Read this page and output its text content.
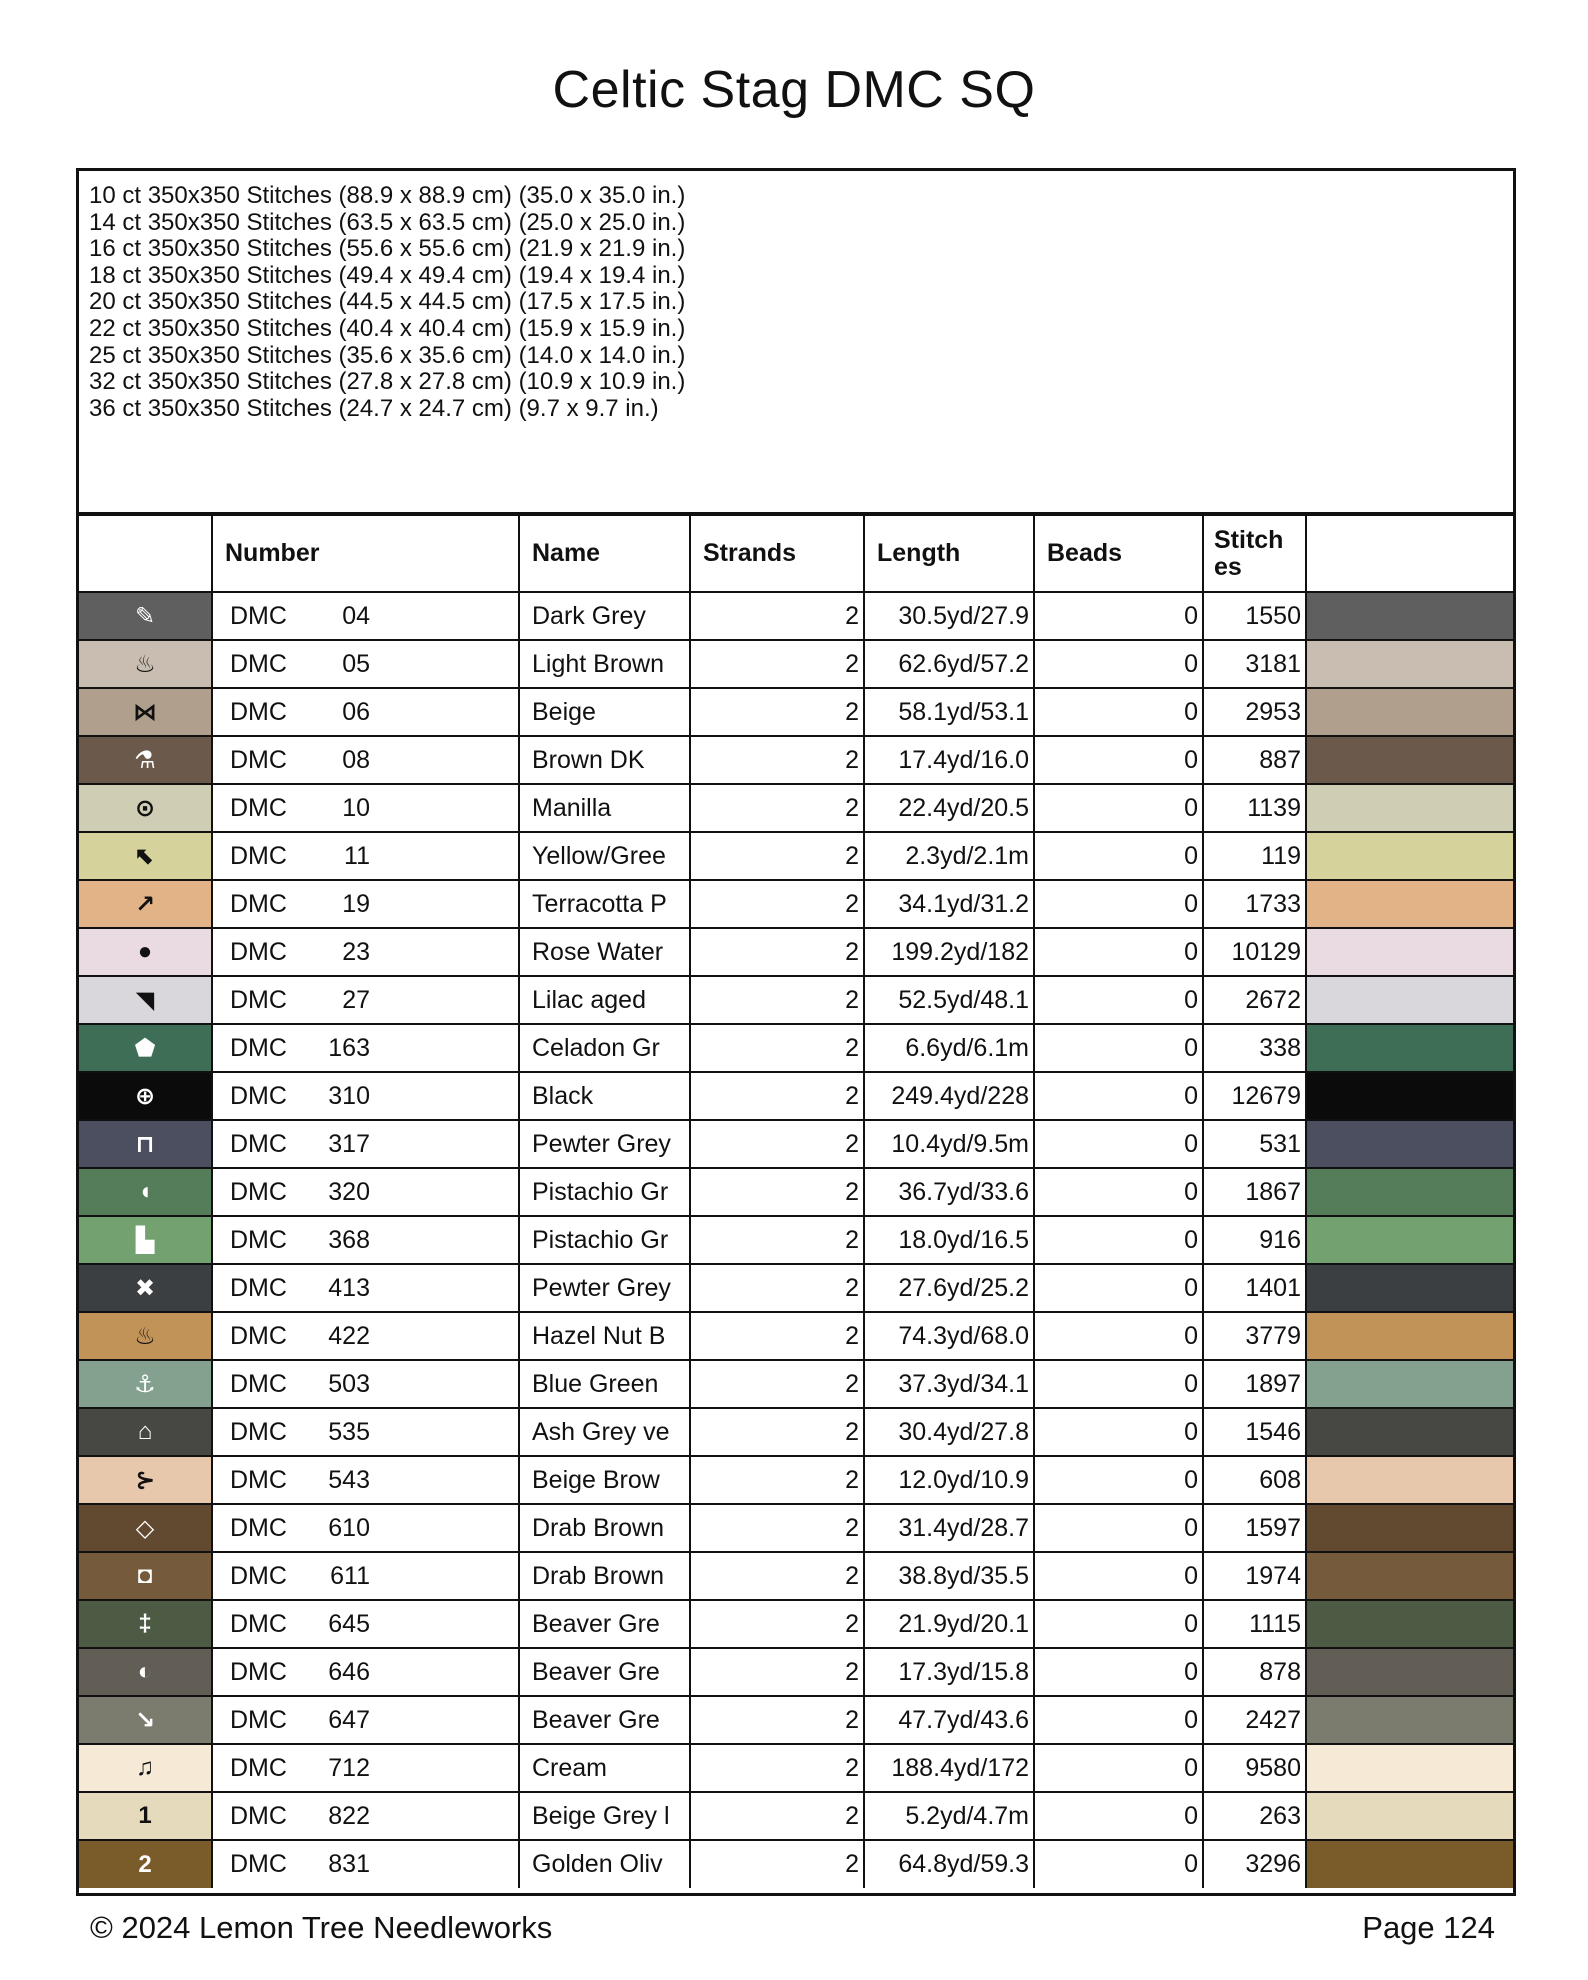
Celtic Stag DMC SQ
10 ct 350x350 Stitches (88.9 x 88.9 cm) (35.0 x 35.0 in.)
14 ct 350x350 Stitches (63.5 x 63.5 cm) (25.0 x 25.0 in.)
16 ct 350x350 Stitches (55.6 x 55.6 cm) (21.9 x 21.9 in.)
18 ct 350x350 Stitches (49.4 x 49.4 cm) (19.4 x 19.4 in.)
20 ct 350x350 Stitches (44.5 x 44.5 cm) (17.5 x 17.5 in.)
22 ct 350x350 Stitches (40.4 x 40.4 cm) (15.9 x 15.9 in.)
25 ct 350x350 Stitches (35.6 x 35.6 cm) (14.0 x 14.0 in.)
32 ct 350x350 Stitches (27.8 x 27.8 cm) (10.9 x 10.9 in.)
36 ct 350x350 Stitches (24.7 x 24.7 cm) (9.7 x 9.7 in.)
	Number	Name	Strands	Length	Beads	Stitch es	
✎	DMC 04	Dark Grey	2	30.5yd/27.9	0	1550	
♨	DMC 05	Light Brown	2	62.6yd/57.2	0	3181	
⋈	DMC 06	Beige	2	58.1yd/53.1	0	2953	
⚗	DMC 08	Brown DK	2	17.4yd/16.0	0	887	
⊙	DMC 10	Manilla	2	22.4yd/20.5	0	1139	
⬉	DMC 11	Yellow/Gree	2	2.3yd/2.1m	0	119	
↗	DMC 19	Terracotta P	2	34.1yd/31.2	0	1733	
●	DMC 23	Rose Water	2	199.2yd/182	0	10129	
◥	DMC 27	Lilac aged	2	52.5yd/48.1	0	2672	
⬟	DMC 163	Celadon Gr	2	6.6yd/6.1m	0	338	
⊕	DMC 310	Black	2	249.4yd/228	0	12679	
⊓	DMC 317	Pewter Grey	2	10.4yd/9.5m	0	531	
◖	DMC 320	Pistachio Gr	2	36.7yd/33.6	0	1867	
▙	DMC 368	Pistachio Gr	2	18.0yd/16.5	0	916	
✖	DMC 413	Pewter Grey	2	27.6yd/25.2	0	1401	
♨	DMC 422	Hazel Nut B	2	74.3yd/68.0	0	3779	
⚓	DMC 503	Blue Green	2	37.3yd/34.1	0	1897	
⌂	DMC 535	Ash Grey ve	2	30.4yd/27.8	0	1546	
⊱	DMC 543	Beige Brow	2	12.0yd/10.9	0	608	
◇	DMC 610	Drab Brown	2	31.4yd/28.7	0	1597	
◘	DMC 611	Drab Brown	2	38.8yd/35.5	0	1974	
‡	DMC 645	Beaver Gre	2	21.9yd/20.1	0	1115	
◐	DMC 646	Beaver Gre	2	17.3yd/15.8	0	878	
↘	DMC 647	Beaver Gre	2	47.7yd/43.6	0	2427	
♫	DMC 712	Cream	2	188.4yd/172	0	9580	
1	DMC 822	Beige Grey l	2	5.2yd/4.7m	0	263	
2	DMC 831	Golden Oliv	2	64.8yd/59.3	0	3296	
© 2024 Lemon Tree Needleworks	Page 124
